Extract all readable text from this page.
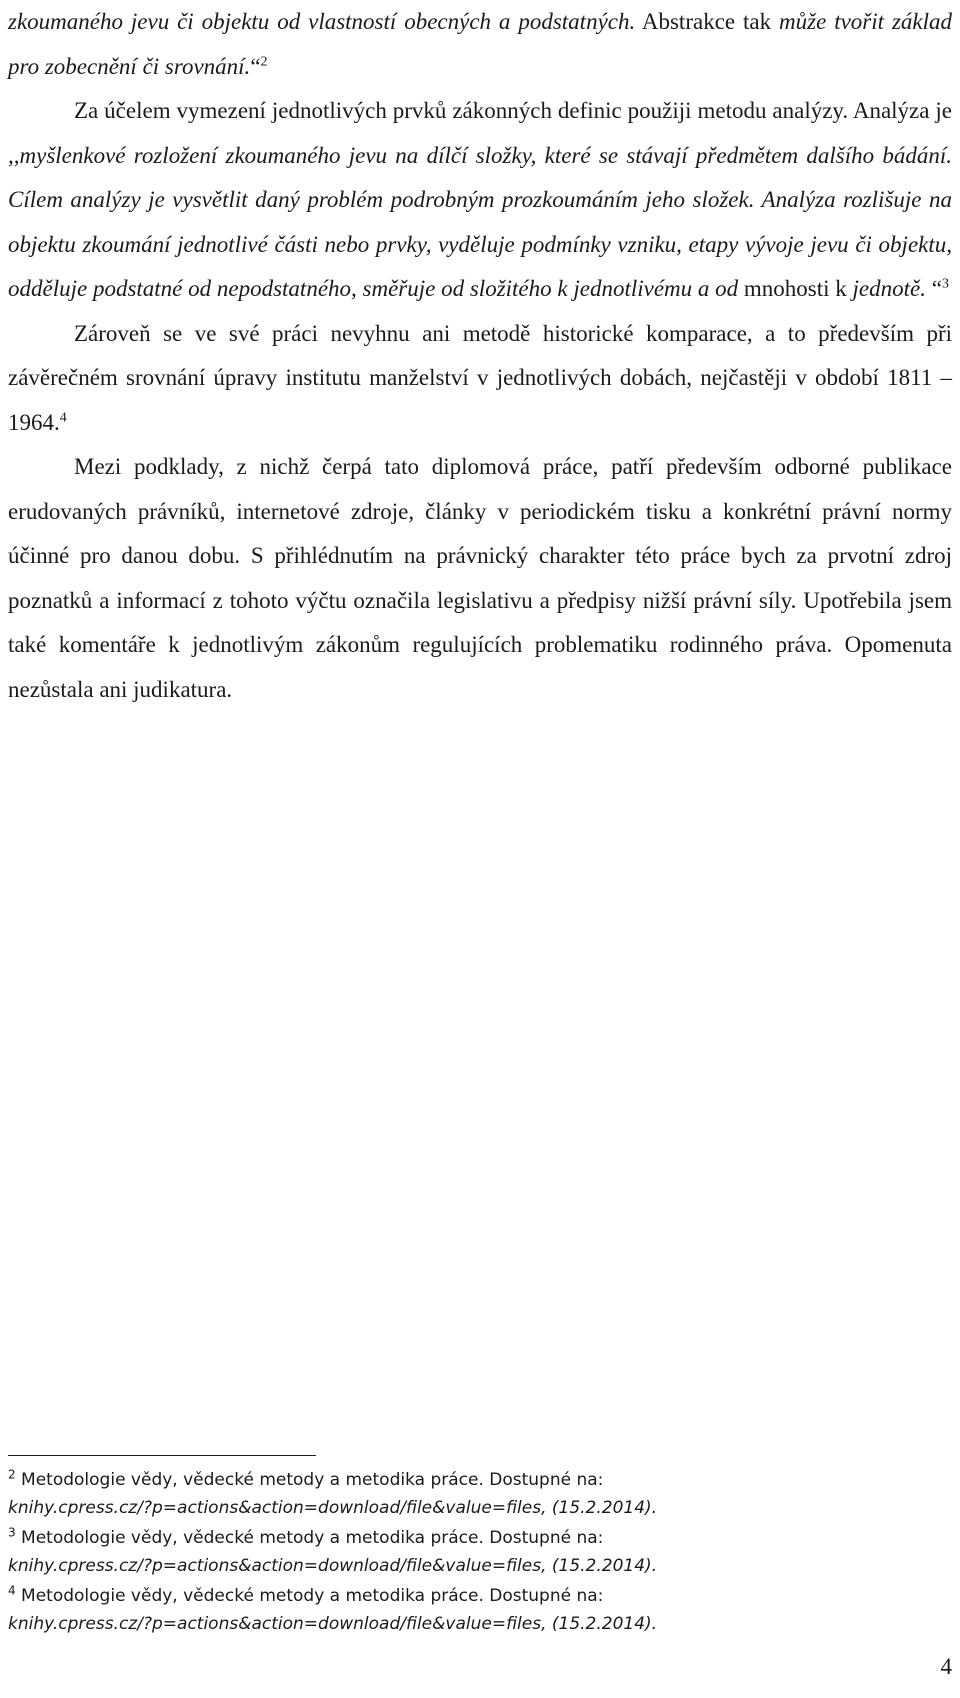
zkoumaného jevu či objektu od vlastností obecných a podstatných. Abstrakce tak může tvořit základ pro zobecnění či srovnání.“$^2$

Za účelem vymezení jednotlivých prvků zákonných definic použiji metodu analýzy. Analýza je ,,myšlenkové rozložení zkoumaného jevu na dílčí složky, které se stávají předmětem dalšího bádání. Cílem analýzy je vysvětlit daný problém podrobným prozkoumáním jeho složek. Analýza rozlišuje na objektu zkoumání jednotlivé části nebo prvky, vyděluje podmínky vzniku, etapy vývoje jevu či objektu, odděluje podstatné od nepodstatného, směřuje od složitého k jednotlivému a od mnohosti k jednotě. “$^3$

Zároveň se ve své práci nevyhnu ani metodě historické komparace, a to především při závěrečném srovnání úpravy institutu manželství v jednotlivých dobách, nejčastěji v období 1811 – 1964.$^4$

Mezi podklady, z nichž čerpá tato diplomová práce, patří především odborné publikace erudovaných právníků, internetové zdroje, články v periodickém tisku a konkrétní právní normy účinné pro danou dobu. S přihlédnutím na právnický charakter této práce bych za prvotní zdroj poznatků a informací z tohoto výčtu označila legislativu a předpisy nižší právní síly. Upotřebila jsem také komentáře k jednotlivým zákonům regulujících problematiku rodinného práva. Opomenuta nezůstala ani judikatura.

$^2$ Metodologie vědy, vědecké metody a metodika práce. Dostupné na:
knihy.cpress.cz/?p=actions&action=download/file&value=files, (15.2.2014).

$^3$ Metodologie vědy, vědecké metody a metodika práce. Dostupné na:
knihy.cpress.cz/?p=actions&action=download/file&value=files, (15.2.2014).

$^4$ Metodologie vědy, vědecké metody a metodika práce. Dostupné na:
knihy.cpress.cz/?p=actions&action=download/file&value=files, (15.2.2014).

4
